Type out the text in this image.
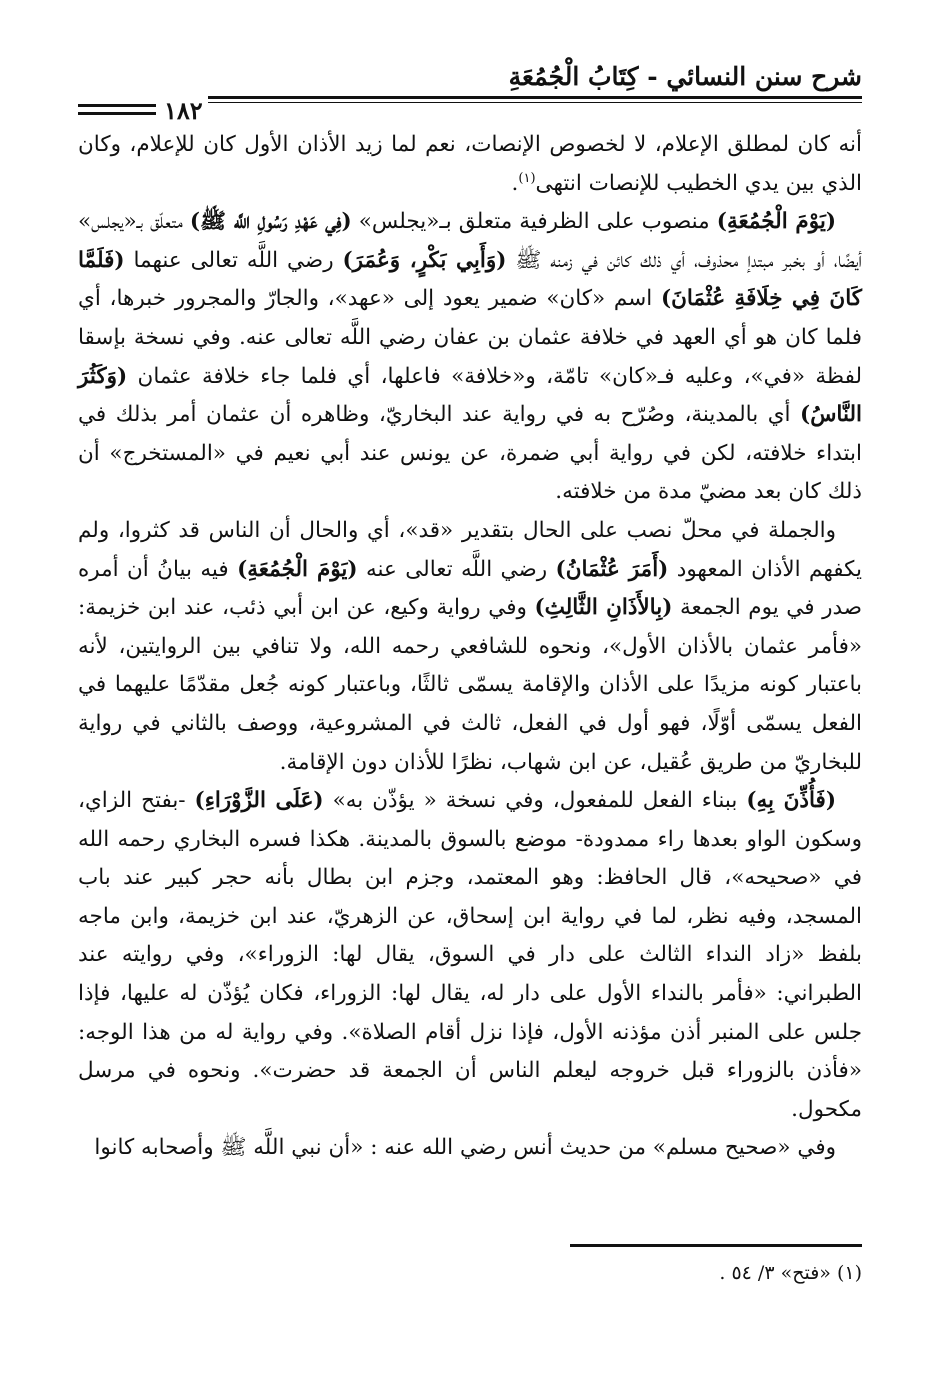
١٨٢
شرح سنن النسائي - كِتَابُ الْجُمُعَةِ

أنه كان لمطلق الإعلام، لا لخصوص الإنصات، نعم لما زيد الأذان الأول كان للإعلام، وكان الذي بين يدي الخطيب للإنصات انتهى$^{(١)}$.

(يَوْمَ الْجُمُعَةِ) منصوب على الظرفية متعلق بـ«يجلس» (فِي عَهْدِ رَسُولِ اللَّه ﷺ) متعلّق بـ«يجلس» أيضًا، أو بخبر مبتدإ محذوف، أي ذلك كائن في زمنه ﷺ (وَأَبِي بَكْرٍ، وَعُمَرَ) رضي اللَّه تعالى عنهما (فَلَمَّا كَانَ فِي خِلَافَةِ عُثْمَانَ) اسم «كان» ضمير يعود إلى «عهد»، والجارّ والمجرور خبرها، أي فلما كان هو أي العهد في خلافة عثمان بن عفان رضي اللَّه تعالى عنه. وفي نسخة بإسقا لفظة «في»، وعليه فـ«كان» تامّة، و«خلافة» فاعلها، أي فلما جاء خلافة عثمان (وَكَثُرَ النَّاسُ) أي بالمدينة، وصُرّح به في رواية عند البخاريّ، وظاهره أن عثمان أمر بذلك في ابتداء خلافته، لكن في رواية أبي ضمرة، عن يونس عند أبي نعيم في «المستخرج» أن ذلك كان بعد مضيّ مدة من خلافته.

والجملة في محلّ نصب على الحال بتقدير «قد»، أي والحال أن الناس قد كثروا، ولم يكفهم الأذان المعهود (أَمَرَ عُثْمَانُ) رضي اللَّه تعالى عنه (يَوْمَ الْجُمُعَةِ) فيه بيانُ أن أمره صدر في يوم الجمعة (بِالأَذَانِ الثَّالِثِ) وفي رواية وكيع، عن ابن أبي ذئب، عند ابن خزيمة: «فأمر عثمان بالأذان الأول»، ونحوه للشافعي رحمه الله، ولا تنافي بين الروايتين، لأنه باعتبار كونه مزيدًا على الأذان والإقامة يسمّى ثالثًا، وباعتبار كونه جُعل مقدّمًا عليهما في الفعل يسمّى أوّلًا، فهو أول في الفعل، ثالث في المشروعية، ووصف بالثاني في رواية للبخاريّ من طريق عُقيل، عن ابن شهاب، نظرًا للأذان دون الإقامة.

(فَأُذِّنَ بِهِ) ببناء الفعل للمفعول، وفي نسخة « يؤذّن به» (عَلَى الزَّوْرَاءِ) -بفتح الزاي، وسكون الواو بعدها راء ممدودة- موضع بالسوق بالمدينة. هكذا فسره البخاري رحمه الله في «صحيحه»، قال الحافظ: وهو المعتمد، وجزم ابن بطال بأنه حجر كبير عند باب المسجد، وفيه نظر، لما في رواية ابن إسحاق، عن الزهريّ، عند ابن خزيمة، وابن ماجه بلفظ «زاد النداء الثالث على دار في السوق، يقال لها: الزوراء»، وفي روايته عند الطبراني: «فأمر بالنداء الأول على دار له، يقال لها: الزوراء، فكان يُؤذّن له عليها، فإذا جلس على المنبر أذن مؤذنه الأول، فإذا نزل أقام الصلاة». وفي رواية له من هذا الوجه: «فأذن بالزوراء قبل خروجه ليعلم الناس أن الجمعة قد حضرت». ونحوه في مرسل مكحول.

وفي «صحيح مسلم» من حديث أنس رضي الله عنه : «أن نبي اللَّه ﷺ وأصحابه كانوا

(١) «فتح» ٣/ ٥٤ .
